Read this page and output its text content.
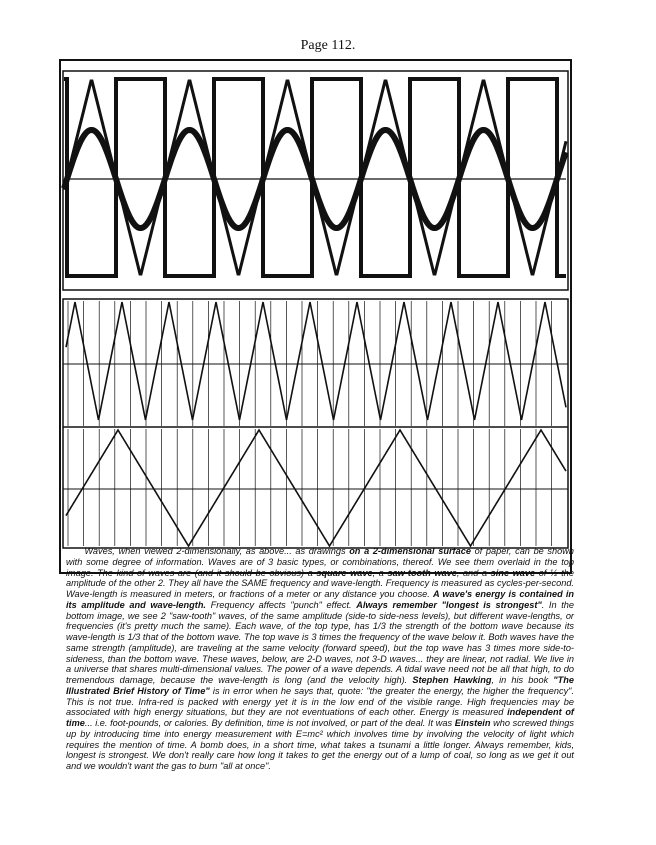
Page 112.

  Waves, when viewed 2-dimensionally, as above... as drawings on a 2-dimensional surface of paper, can be shown with some degree of information. Waves are of 3 basic types, or combinations, thereof. We see them overlaid in the top image. The kind of waves are (and it should be obvious) a square wave, a saw-tooth wave, and a sine wave of ½ the amplitude of the other 2. They all have the SAME frequency and wave-length. Frequency is measured as cycles-per-second. Wave-length is measured in meters, or fractions of a meter or any distance you choose. A wave's energy is contained in its amplitude and wave-length. Frequency affects "punch" effect. Always remember "longest is strongest". In the bottom image, we see 2 "saw-tooth" waves, of the same amplitude (side-to side-ness levels), but different wave-lengths, or frequencies (it's pretty much the same). Each wave, of the top type, has 1/3 the strength of the bottom wave because its wave-length is 1/3 that of the bottom wave. The top wave is 3 times the frequency of the wave below it. Both waves have the same strength (amplitude), are traveling at the same velocity (forward speed), but the top wave has 3 times more side-to-sideness, than the bottom wave. These waves, below, are 2-D waves, not 3-D waves... they are linear, not radial. We live in a universe that shares multi-dimensional values. The power of a wave depends. A tidal wave need not be all that high, to do tremendous damage, because the wave-length is long (and the velocity high). Stephen Hawking, in his book "The Illustrated Brief History of Time" is in error when he says that, quote: "the greater the energy, the higher the frequency". This is not true. Infra-red is packed with energy yet it is in the low end of the visible range. High frequencies may be associated with high energy situations, but they are not eventuations of each other. Energy is measured independent of time... i.e. foot-pounds, or calories. By definition, time is not involved, or part of the deal. It was Einstein who screwed things up by introducing time into energy measurement with E=mc² which involves time by involving the velocity of light which requires the mention of time. A bomb does, in a short time, what takes a tsunami a little longer. Always remember, kids, longest is strongest. We don't really care how long it takes to get the energy out of a lump of coal, so long as we get it out and we wouldn't want the gas to burn "all at once".
